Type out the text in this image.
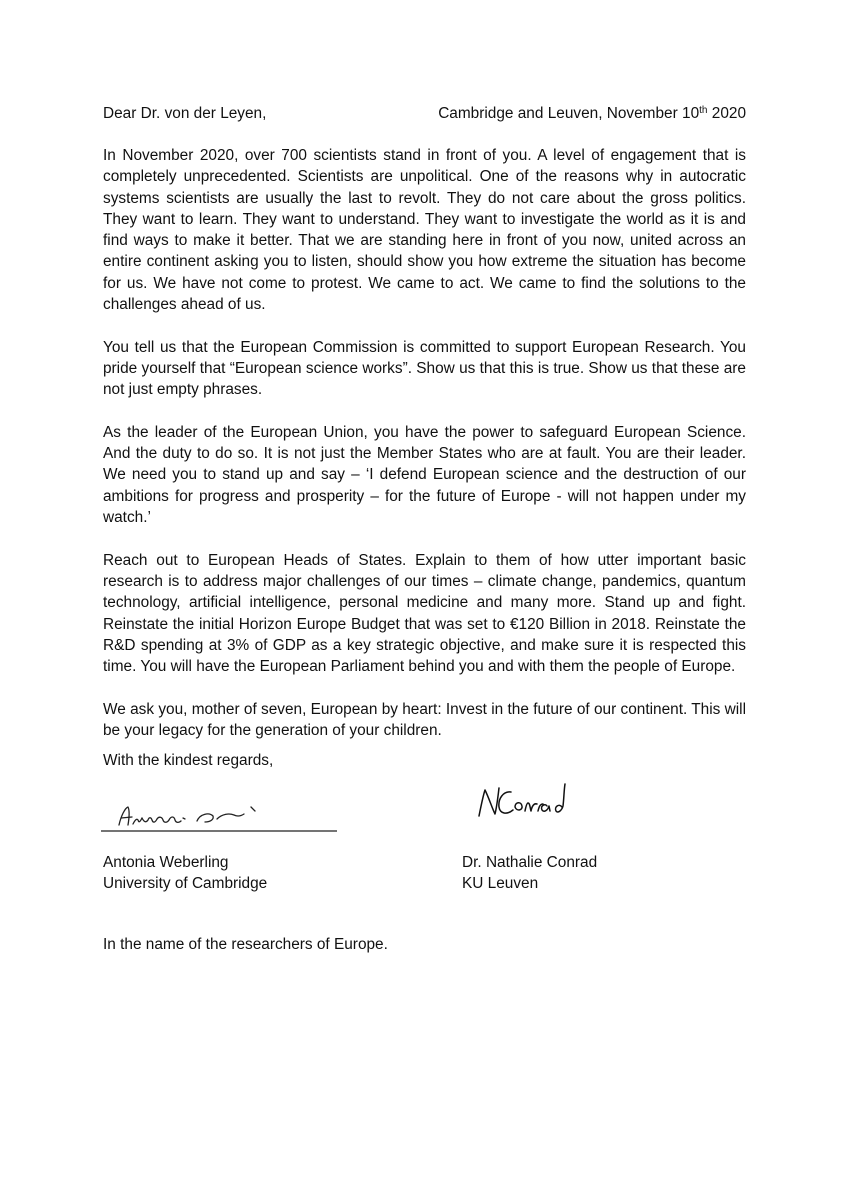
Dear Dr. von der Leyen,	Cambridge and Leuven, November 10th 2020

In November 2020, over 700 scientists stand in front of you. A level of engagement that is completely unprecedented. Scientists are unpolitical. One of the reasons why in autocratic systems scientists are usually the last to revolt. They do not care about the gross politics. They want to learn. They want to understand. They want to investigate the world as it is and find ways to make it better. That we are standing here in front of you now, united across an entire continent asking you to listen, should show you how extreme the situation has become for us. We have not come to protest. We came to act. We came to find the solutions to the challenges ahead of us.

You tell us that the European Commission is committed to support European Research. You pride yourself that “European science works”. Show us that this is true. Show us that these are not just empty phrases.

As the leader of the European Union, you have the power to safeguard European Science. And the duty to do so. It is not just the Member States who are at fault. You are their leader. We need you to stand up and say – ‘I defend European science and the destruction of our ambitions for progress and prosperity – for the future of Europe - will not happen under my watch.’

Reach out to European Heads of States. Explain to them of how utter important basic research is to address major challenges of our times – climate change, pandemics, quantum technology, artificial intelligence, personal medicine and many more. Stand up and fight. Reinstate the initial Horizon Europe Budget that was set to €120 Billion in 2018. Reinstate the R&D spending at 3% of GDP as a key strategic objective, and make sure it is respected this time. You will have the European Parliament behind you and with them the people of Europe.

We ask you, mother of seven, European by heart: Invest in the future of our continent. This will be your legacy for the generation of your children.

With the kindest regards,
Antonia Weberling
University of Cambridge
Dr. Nathalie Conrad
KU Leuven
In the name of the researchers of Europe.
